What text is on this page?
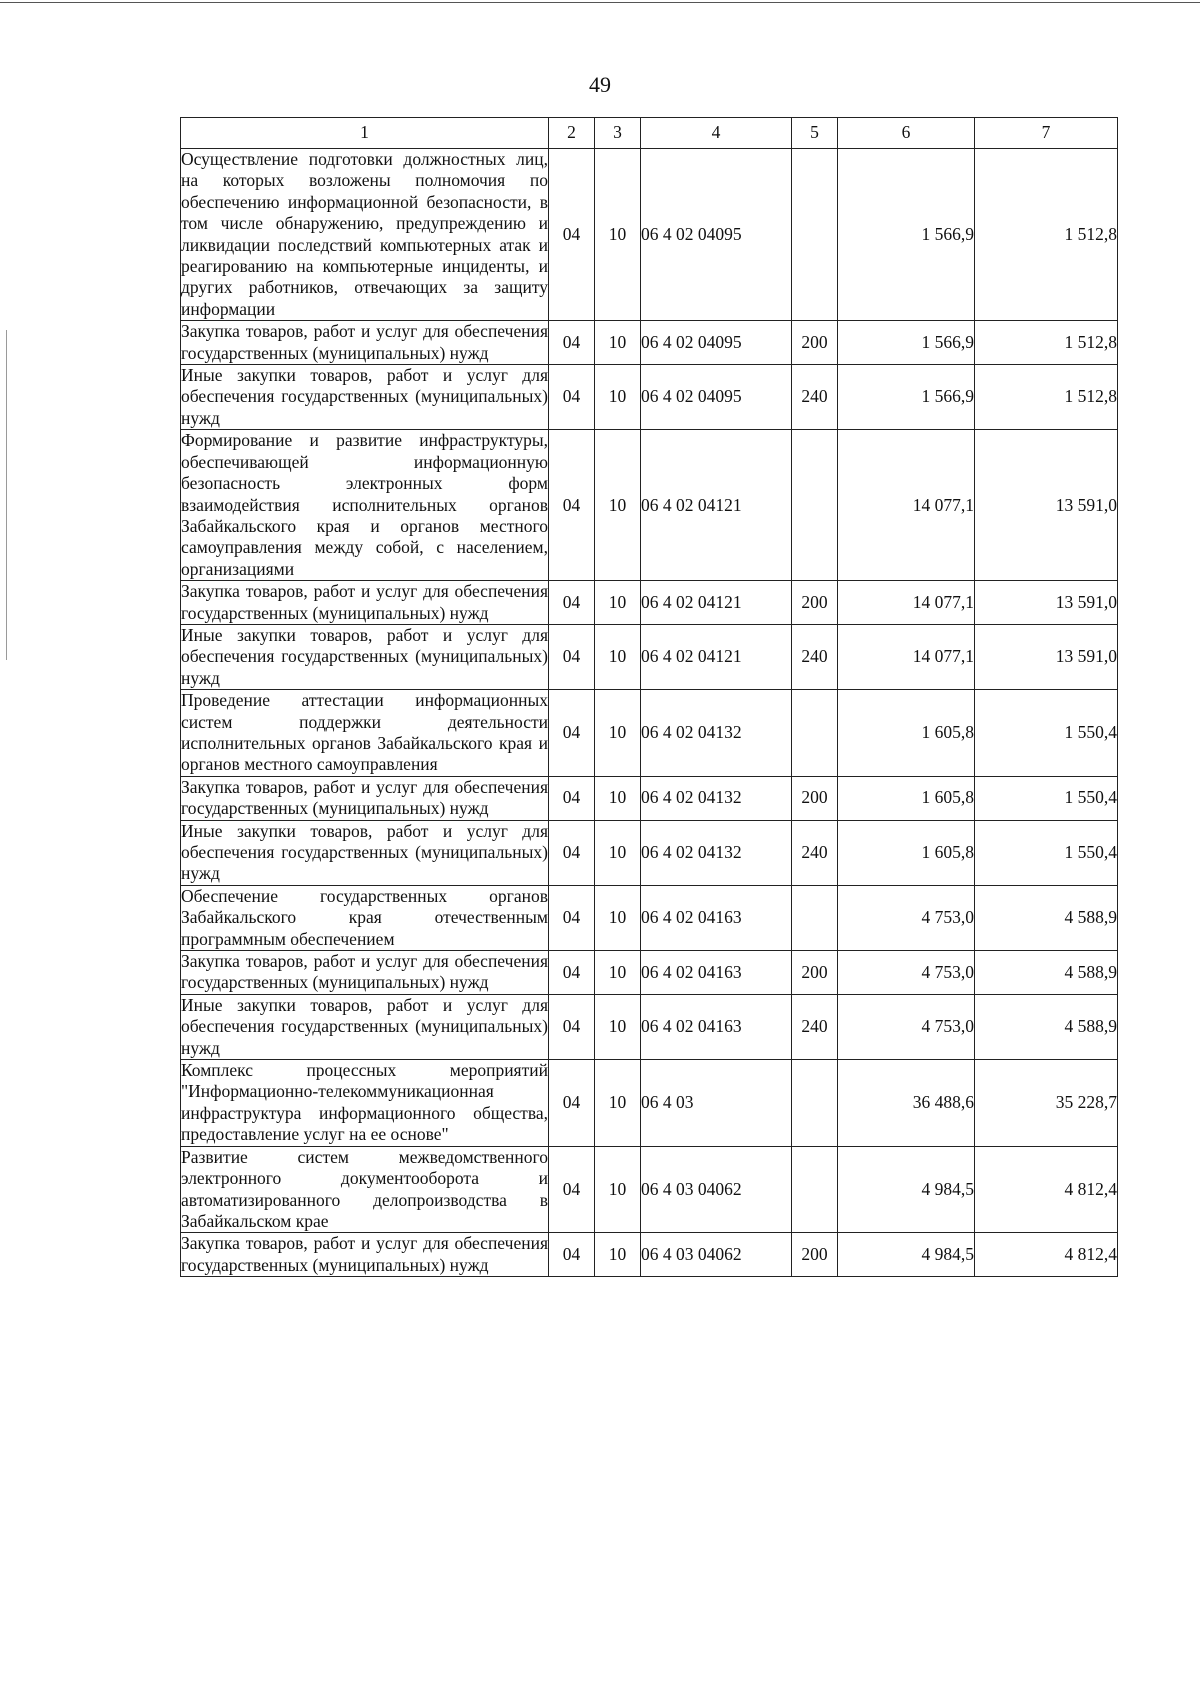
49
1	2	3	4	5	6	7
Осуществление подготовки должностных лиц, на которых возложены полномочия по обеспечению информационной безопасности, в том числе обнаружению, предупреждению и ликвидации последствий компьютерных атак и реагированию на компьютерные инциденты, и других работников, отвечающих за защиту информации	04	10	06 4 02 04095		1 566,9	1 512,8
Закупка товаров, работ и услуг для обеспечения государственных (муниципальных) нужд	04	10	06 4 02 04095	200	1 566,9	1 512,8
Иные закупки товаров, работ и услуг для обеспечения государственных (муниципальных) нужд	04	10	06 4 02 04095	240	1 566,9	1 512,8
Формирование и развитие инфраструктуры, обеспечивающей информационную безопасность электронных форм взаимодействия исполнительных органов Забайкальского края и органов местного самоуправления между собой, с населением, организациями	04	10	06 4 02 04121		14 077,1	13 591,0
Закупка товаров, работ и услуг для обеспечения государственных (муниципальных) нужд	04	10	06 4 02 04121	200	14 077,1	13 591,0
Иные закупки товаров, работ и услуг для обеспечения государственных (муниципальных) нужд	04	10	06 4 02 04121	240	14 077,1	13 591,0
Проведение аттестации информационных систем поддержки деятельности исполнительных органов Забайкальского края и органов местного самоуправления	04	10	06 4 02 04132		1 605,8	1 550,4
Закупка товаров, работ и услуг для обеспечения государственных (муниципальных) нужд	04	10	06 4 02 04132	200	1 605,8	1 550,4
Иные закупки товаров, работ и услуг для обеспечения государственных (муниципальных) нужд	04	10	06 4 02 04132	240	1 605,8	1 550,4
Обеспечение государственных органов Забайкальского края отечественным программным обеспечением	04	10	06 4 02 04163		4 753,0	4 588,9
Закупка товаров, работ и услуг для обеспечения государственных (муниципальных) нужд	04	10	06 4 02 04163	200	4 753,0	4 588,9
Иные закупки товаров, работ и услуг для обеспечения государственных (муниципальных) нужд	04	10	06 4 02 04163	240	4 753,0	4 588,9
Комплекс процессных мероприятий "Информационно-телекоммуникационная инфраструктура информационного общества, предоставление услуг на ее основе"	04	10	06 4 03		36 488,6	35 228,7
Развитие систем межведомственного электронного документооборота и автоматизированного делопроизводства в Забайкальском крае	04	10	06 4 03 04062		4 984,5	4 812,4
Закупка товаров, работ и услуг для обеспечения государственных (муниципальных) нужд	04	10	06 4 03 04062	200	4 984,5	4 812,4
